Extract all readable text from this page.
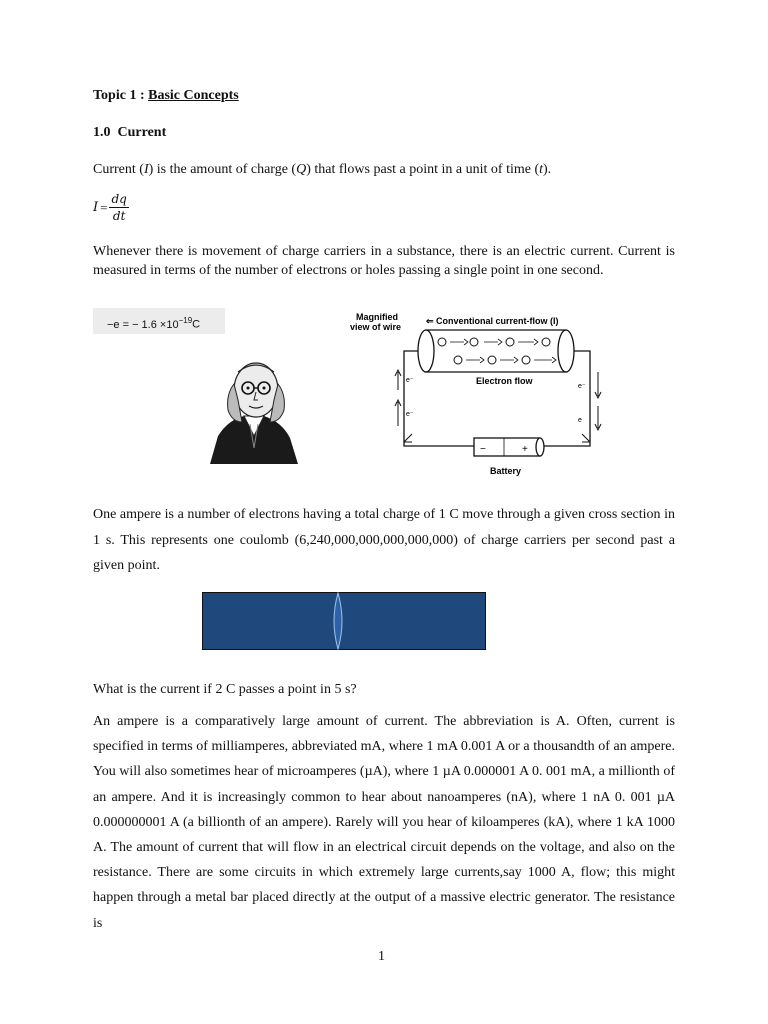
Topic 1 : Basic Concepts
1.0 Current
Current (I) is the amount of charge (Q) that flows past a point in a unit of time (t).
$I = \frac{dq}{dt}$
Whenever there is movement of charge carriers in a substance, there is an electric current. Current is measured in terms of the number of electrons or holes passing a single point in one second.
−e = − $1.6 \times 10^{-19}C$
Magnified
view of wire
⇐ Conventional current-flow (I)
Electron flow
e⁻
e⁻
e⁻
e
−	+
Battery
One ampere is a number of electrons having a total charge of 1 C move through a given cross section in 1 s. This represents one coulomb (6,240,000,000,000,000,000) of charge carriers per second past a given point.
What is the current if 2 C passes a point in 5 s?
An ampere is a comparatively large amount of current. The abbreviation is A. Often, current is specified in terms of milliamperes, abbreviated mA, where 1 mA 0.001 A or a thousandth of an ampere. You will also sometimes hear of microamperes (µA), where 1 µA 0.000001 A 0. 001 mA, a millionth of an ampere. And it is increasingly common to hear about nanoamperes (nA), where 1 nA 0. 001 µA 0.000000001 A (a billionth of an ampere). Rarely will you hear of kiloamperes (kA), where 1 kA 1000 A. The amount of current that will flow in an electrical circuit depends on the voltage, and also on the resistance. There are some circuits in which extremely large currents,say 1000 A, flow; this might happen through a metal bar placed directly at the output of a massive electric generator. The resistance is
1
